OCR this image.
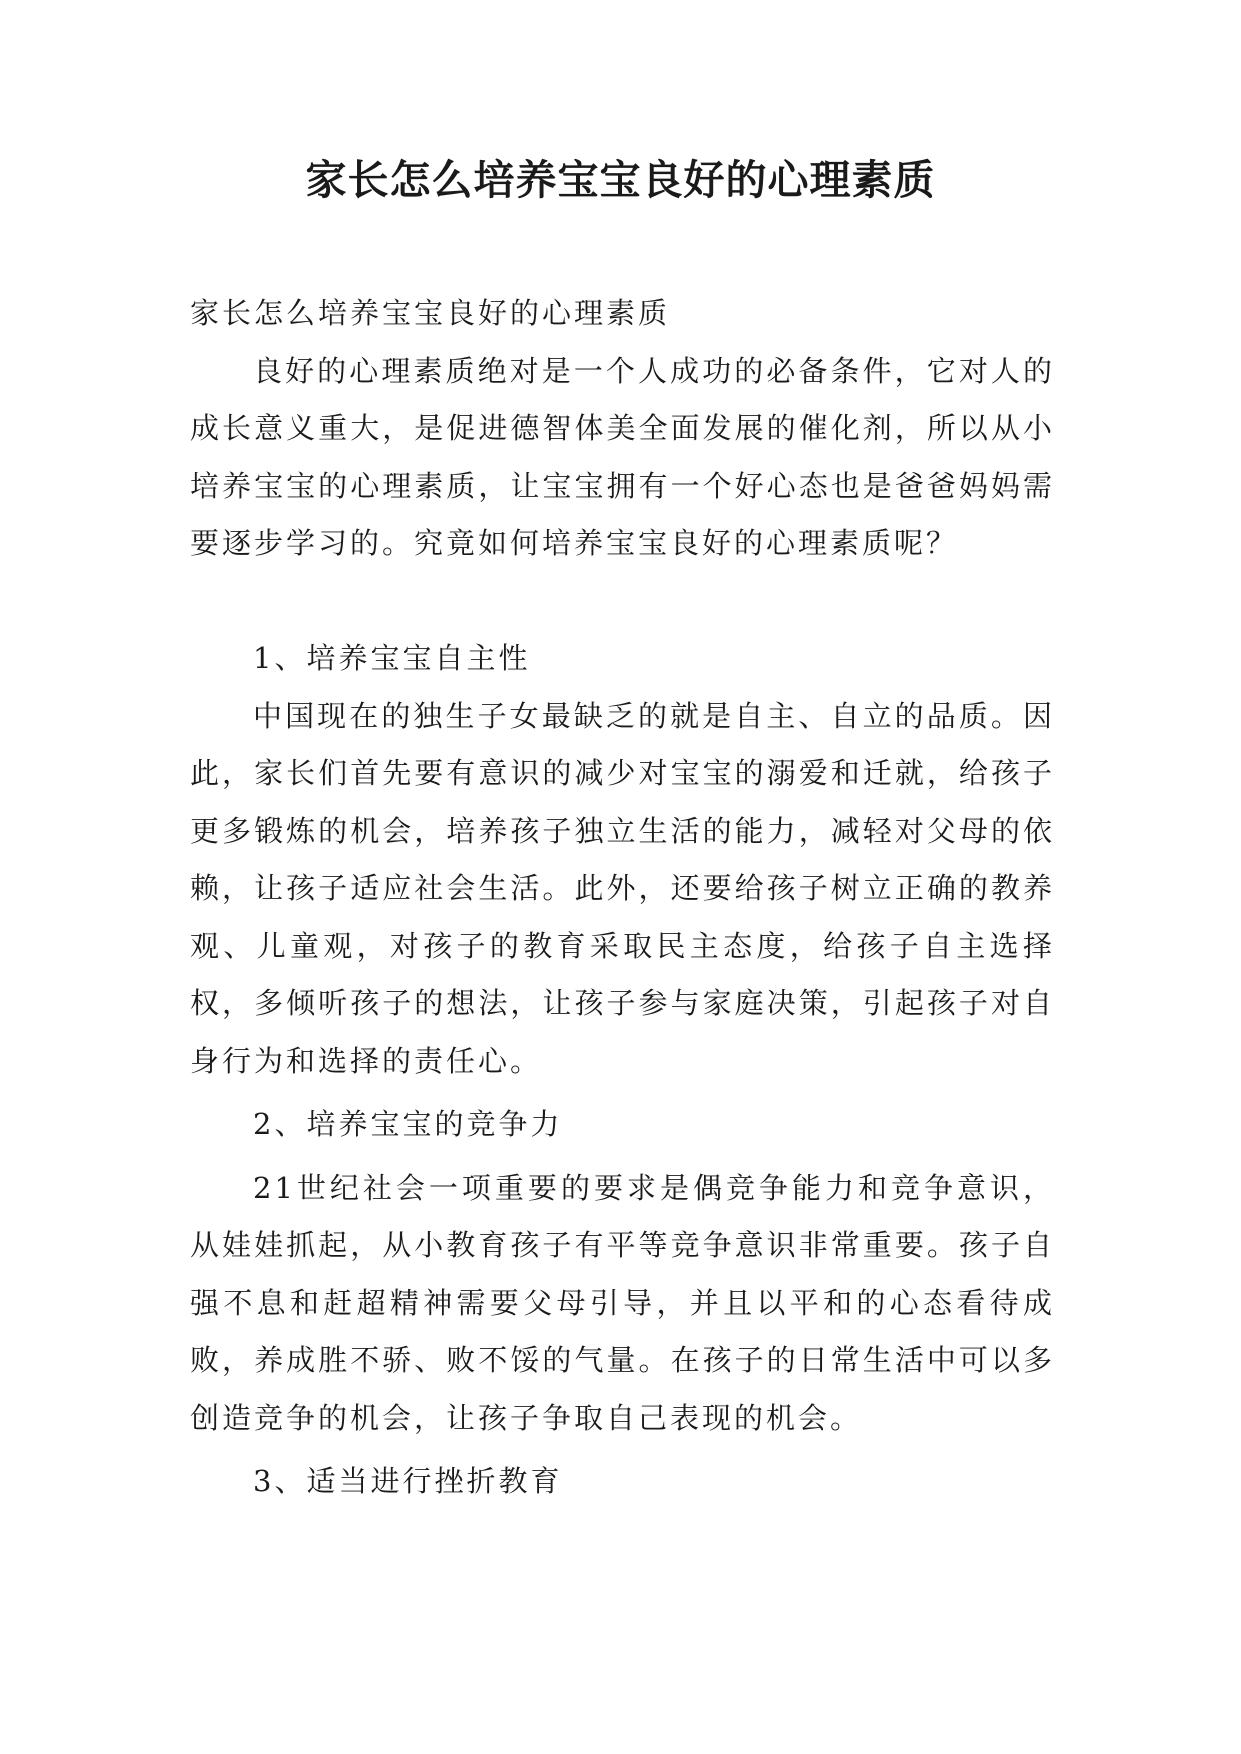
家长怎么培养宝宝良好的心理素质

家长怎么培养宝宝良好的心理素质

良好的心理素质绝对是一个人成功的必备条件，它对人的成长意义重大，是促进德智体美全面发展的催化剂，所以从小培养宝宝的心理素质，让宝宝拥有一个好心态也是爸爸妈妈需要逐步学习的。究竟如何培养宝宝良好的心理素质呢？

1、培养宝宝自主性

中国现在的独生子女最缺乏的就是自主、自立的品质。因此，家长们首先要有意识的减少对宝宝的溺爱和迁就，给孩子更多锻炼的机会，培养孩子独立生活的能力，减轻对父母的依赖，让孩子适应社会生活。此外，还要给孩子树立正确的教养观、儿童观，对孩子的教育采取民主态度，给孩子自主选择权，多倾听孩子的想法，让孩子参与家庭决策，引起孩子对自身行为和选择的责任心。

2、培养宝宝的竞争力

21世纪社会一项重要的要求是偶竞争能力和竞争意识，从娃娃抓起，从小教育孩子有平等竞争意识非常重要。孩子自强不息和赶超精神需要父母引导，并且以平和的心态看待成败，养成胜不骄、败不馁的气量。在孩子的日常生活中可以多创造竞争的机会，让孩子争取自己表现的机会。

3、适当进行挫折教育
